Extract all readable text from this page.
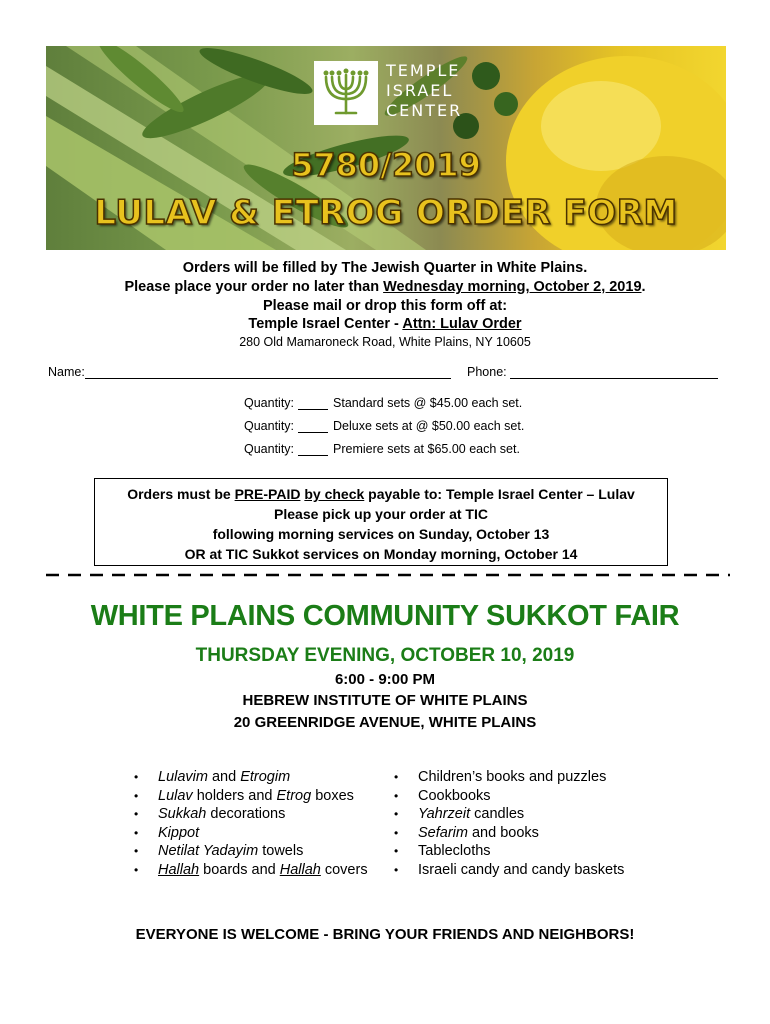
TEMPLE
ISRAEL
CENTER
5780/2019
LULAV & ETROG ORDER FORM
Orders will be filled by The Jewish Quarter in White Plains.
Please place your order no later than Wednesday morning, October 2, 2019.
Please mail or drop this form off at:
Temple Israel Center - Attn: Lulav Order
280 Old Mamaroneck Road, White Plains, NY 10605
Name:	Phone:
Quantity:	Standard sets @ $45.00 each set.
Quantity:	Deluxe sets at @ $50.00 each set.
Quantity:	Premiere sets at $65.00 each set.
Orders must be PRE-PAID by check payable to: Temple Israel Center – Lulav
Please pick up your order at TIC
following morning services on Sunday, October 13
OR at TIC Sukkot services on Monday morning, October 14
WHITE PLAINS COMMUNITY SUKKOT FAIR
THURSDAY EVENING, OCTOBER 10, 2019
6:00 - 9:00 PM
HEBREW INSTITUTE OF WHITE PLAINS
20 GREENRIDGE AVENUE, WHITE PLAINS
• Lulavim and Etrogim
• Lulav holders and Etrog boxes
• Sukkah decorations
• Kippot
• Netilat Yadayim towels
• Hallah boards and Hallah covers
• Children’s books and puzzles
• Cookbooks
• Yahrzeit candles
• Sefarim and books
• Tablecloths
• Israeli candy and candy baskets
EVERYONE IS WELCOME - BRING YOUR FRIENDS AND NEIGHBORS!
